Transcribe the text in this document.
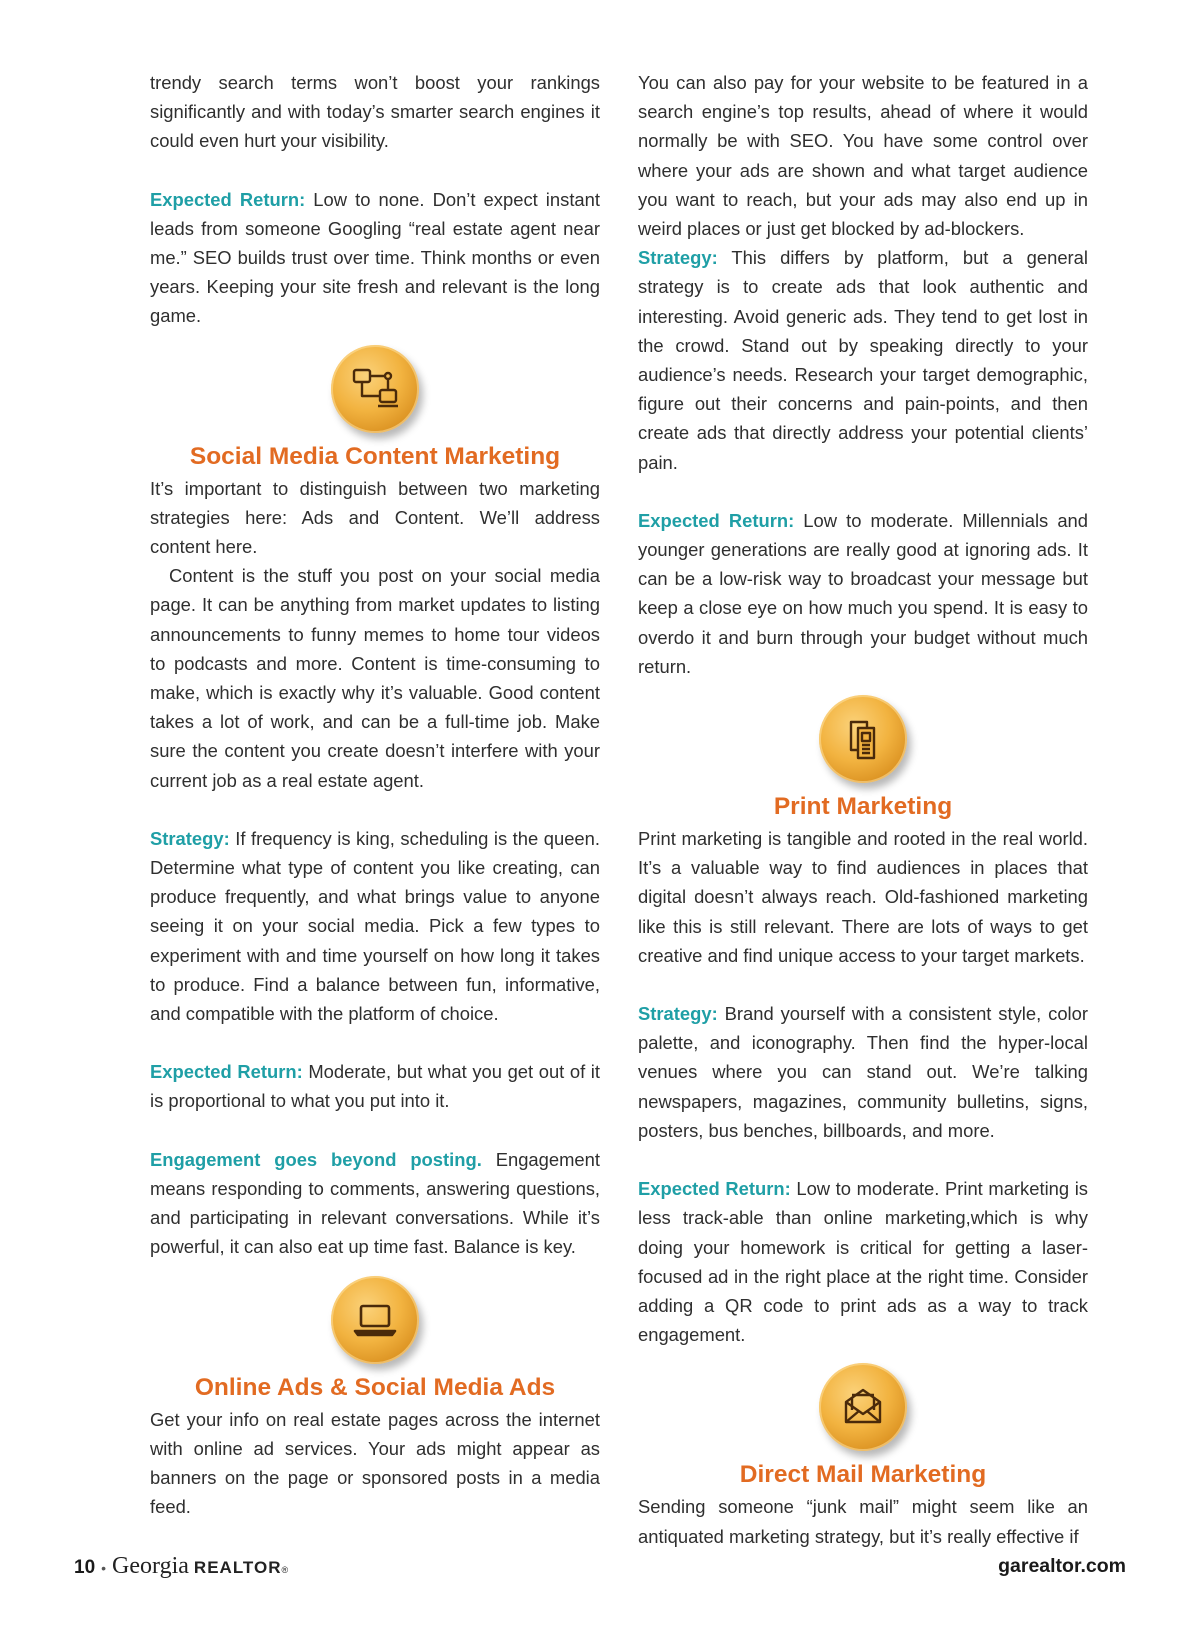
trendy search terms won’t boost your rankings significantly and with today’s smarter search engines it could even hurt your visibility.

Expected Return: Low to none. Don’t expect instant leads from someone Googling “real estate agent near me.” SEO builds trust over time. Think months or even years. Keeping your site fresh and relevant is the long game.

Social Media Content Marketing

It’s important to distinguish between two marketing strategies here: Ads and Content. We’ll address content here.

Content is the stuff you post on your social media page. It can be anything from market updates to listing announcements to funny memes to home tour videos to podcasts and more. Content is time-consuming to make, which is exactly why it’s valuable. Good content takes a lot of work, and can be a full-time job. Make sure the content you create doesn’t interfere with your current job as a real estate agent.

Strategy: If frequency is king, scheduling is the queen. Determine what type of content you like creating, can produce frequently, and what brings value to anyone seeing it on your social media. Pick a few types to experiment with and time yourself on how long it takes to produce. Find a balance between fun, informative, and compatible with the platform of choice.

Expected Return: Moderate, but what you get out of it is proportional to what you put into it.

Engagement goes beyond posting. Engagement means responding to comments, answering questions, and participating in relevant conversations. While it’s powerful, it can also eat up time fast. Balance is key.

Online Ads & Social Media Ads

Get your info on real estate pages across the internet with online ad services. Your ads might appear as banners on the page or sponsored posts in a media feed.

You can also pay for your website to be featured in a search engine’s top results, ahead of where it would normally be with SEO. You have some control over where your ads are shown and what target audience you want to reach, but your ads may also end up in weird places or just get blocked by ad-blockers.

Strategy: This differs by platform, but a general strategy is to create ads that look authentic and interesting. Avoid generic ads. They tend to get lost in the crowd. Stand out by speaking directly to your audience’s needs. Research your target demographic, figure out their concerns and pain-points, and then create ads that directly address your potential clients’ pain.

Expected Return: Low to moderate. Millennials and younger generations are really good at ignoring ads. It can be a low-risk way to broadcast your message but keep a close eye on how much you spend. It is easy to overdo it and burn through your budget without much return.

Print Marketing

Print marketing is tangible and rooted in the real world. It’s a valuable way to find audiences in places that digital doesn’t always reach. Old-fashioned marketing like this is still relevant. There are lots of ways to get creative and find unique access to your target markets.

Strategy: Brand yourself with a consistent style, color palette, and iconography. Then find the hyper-local venues where you can stand out. We’re talking newspapers, magazines, community bulletins, signs, posters, bus benches, billboards, and more.

Expected Return: Low to moderate. Print marketing is less track-able than online marketing,which is why doing your homework is critical for getting a laser-focused ad in the right place at the right time. Consider adding a QR code to print ads as a way to track engagement.

Direct Mail Marketing

Sending someone “junk mail” might seem like an antiquated marketing strategy, but it’s really effective if

10 • Georgia REALTOR ®	garealtor.com
